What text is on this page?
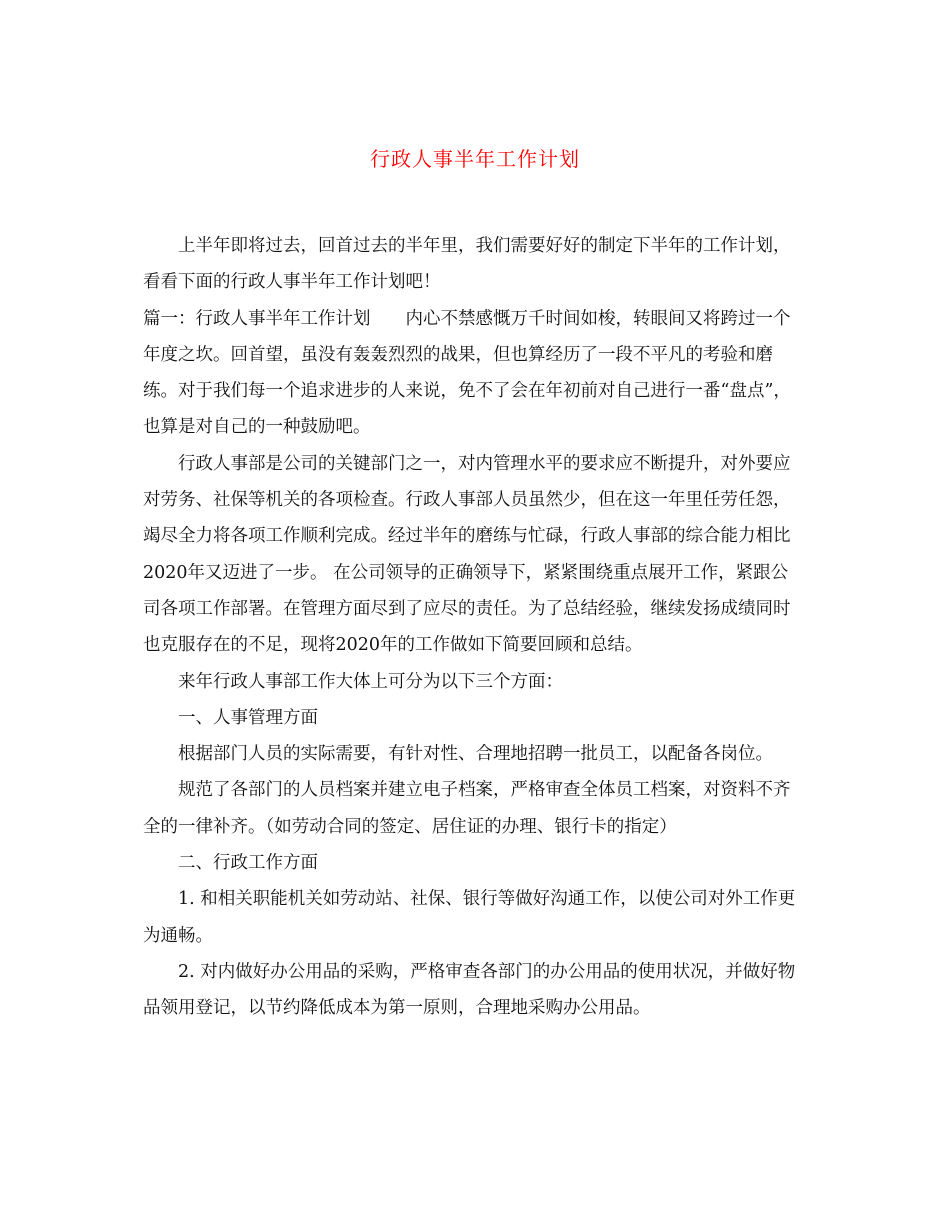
行政人事半年工作计划

上半年即将过去，回首过去的半年里，我们需要好好的制定下半年的工作计划，看看下面的行政人事半年工作计划吧！

篇一：行政人事半年工作计划　　内心不禁感慨万千时间如梭，转眼间又将跨过一个年度之坎。回首望，虽没有轰轰烈烈的战果，但也算经历了一段不平凡的考验和磨练。对于我们每一个追求进步的人来说，免不了会在年初前对自己进行一番“盘点”，也算是对自己的一种鼓励吧。

行政人事部是公司的关键部门之一，对内管理水平的要求应不断提升，对外要应对劳务、社保等机关的各项检查。行政人事部人员虽然少，但在这一年里任劳任怨，竭尽全力将各项工作顺利完成。经过半年的磨练与忙碌，行政人事部的综合能力相比2020年又迈进了一步。 在公司领导的正确领导下，紧紧围绕重点展开工作，紧跟公司各项工作部署。在管理方面尽到了应尽的责任。为了总结经验，继续发扬成绩同时也克服存在的不足，现将2020年的工作做如下简要回顾和总结。

来年行政人事部工作大体上可分为以下三个方面：

一、人事管理方面

根据部门人员的实际需要，有针对性、合理地招聘一批员工，以配备各岗位。

规范了各部门的人员档案并建立电子档案，严格审查全体员工档案，对资料不齐全的一律补齐。（如劳动合同的签定、居住证的办理、银行卡的指定）

二、行政工作方面

1. 和相关职能机关如劳动站、社保、银行等做好沟通工作，以使公司对外工作更为通畅。

2. 对内做好办公用品的采购，严格审查各部门的办公用品的使用状况，并做好物品领用登记，以节约降低成本为第一原则，合理地采购办公用品。
